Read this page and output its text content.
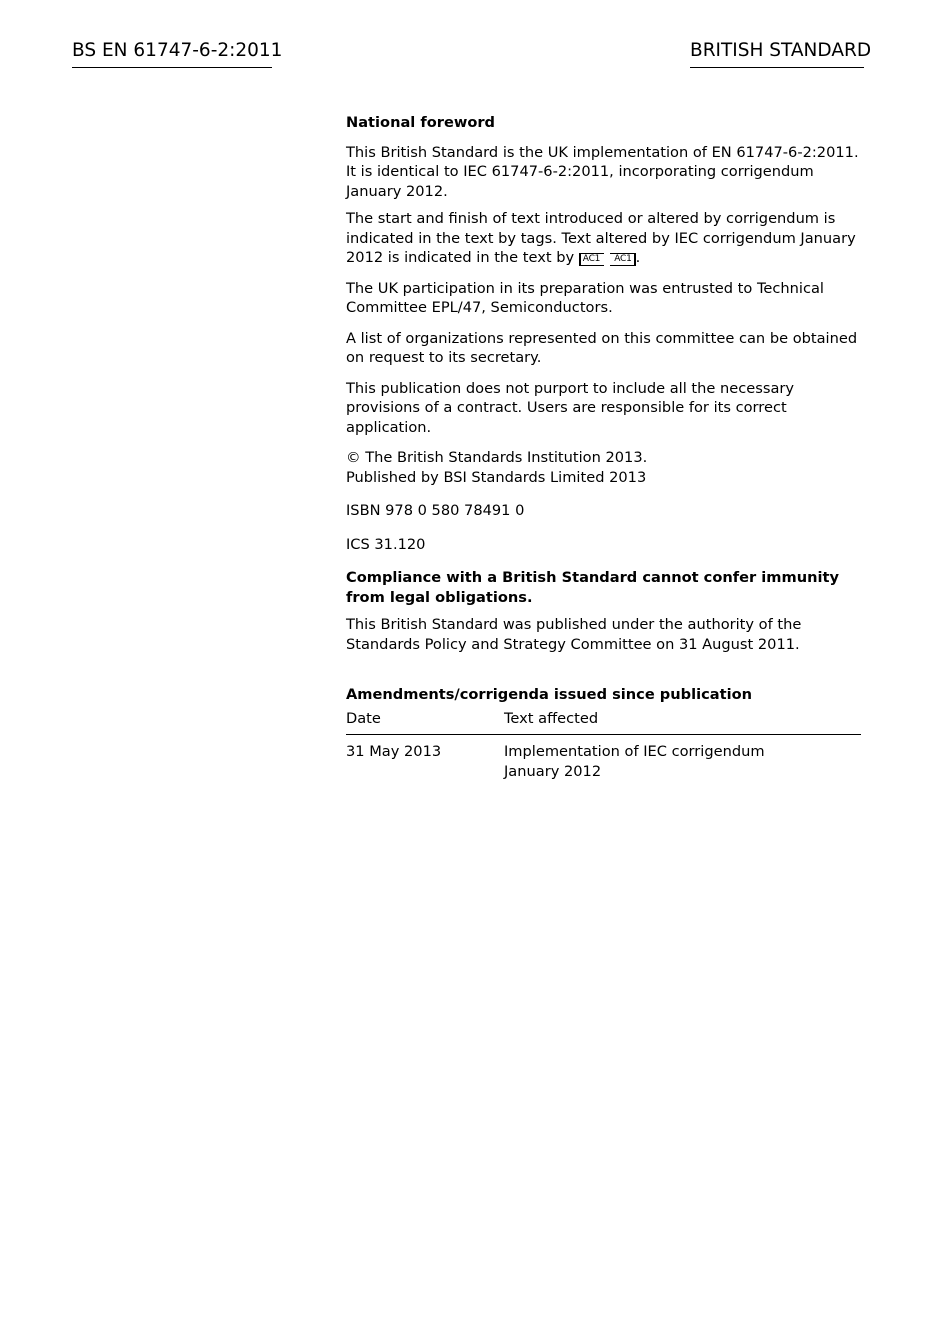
BS EN 61747-6-2:2011	BRITISH STANDARD

National foreword

This British Standard is the UK implementation of EN 61747-6-2:2011. It is identical to IEC 61747-6-2:2011, incorporating corrigendum January 2012.

The start and finish of text introduced or altered by corrigendum is indicated in the text by tags. Text altered by IEC corrigendum January 2012 is indicated in the text by AC1 AC1 .

The UK participation in its preparation was entrusted to Technical Committee EPL/47, Semiconductors.

A list of organizations represented on this committee can be obtained on request to its secretary.

This publication does not purport to include all the necessary provisions of a contract. Users are responsible for its correct application.

© The British Standards Institution 2013.
Published by BSI Standards Limited 2013

ISBN 978 0 580 78491 0

ICS 31.120

Compliance with a British Standard cannot confer immunity from legal obligations.

This British Standard was published under the authority of the Standards Policy and Strategy Committee on 31 August 2011.

Amendments/corrigenda issued since publication

Date	Text affected
31 May 2013	Implementation of IEC corrigendum
January 2012
